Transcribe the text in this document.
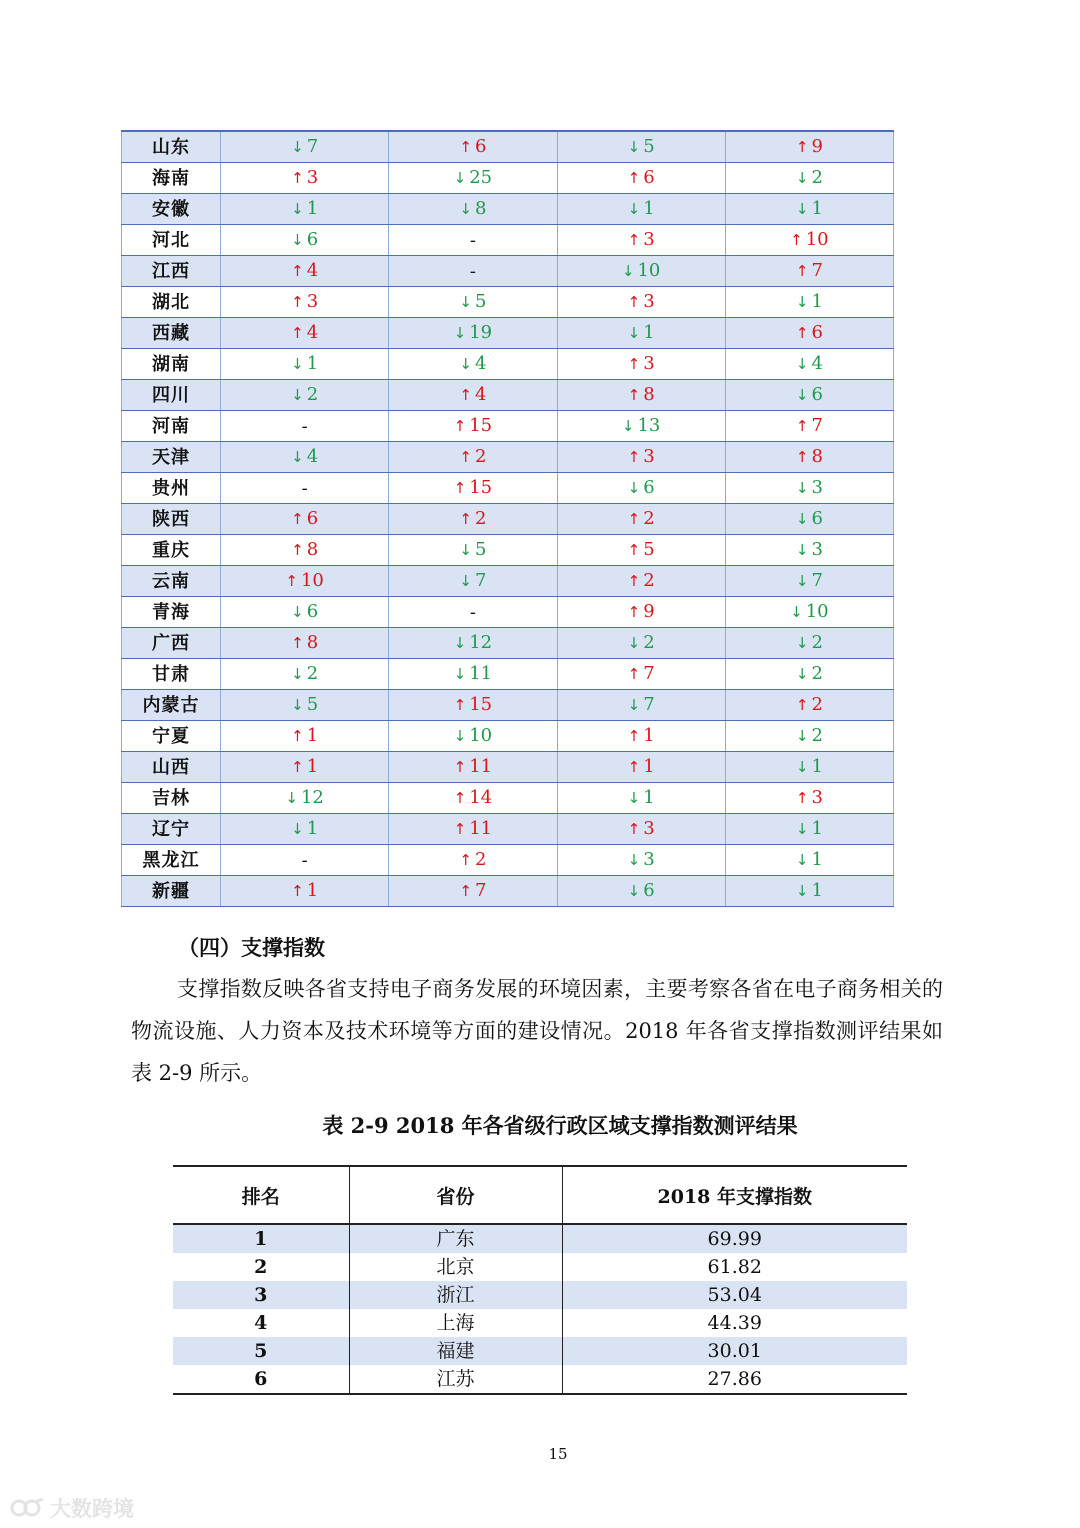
山东	↓ 7	↑ 6	↓ 5	↑ 9
海南	↑ 3	↓ 25	↑ 6	↓ 2
安徽	↓ 1	↓ 8	↓ 1	↓ 1
河北	↓ 6	-	↑ 3	↑ 10
江西	↑ 4	-	↓ 10	↑ 7
湖北	↑ 3	↓ 5	↑ 3	↓ 1
西藏	↑ 4	↓ 19	↓ 1	↑ 6
湖南	↓ 1	↓ 4	↑ 3	↓ 4
四川	↓ 2	↑ 4	↑ 8	↓ 6
河南	-	↑ 15	↓ 13	↑ 7
天津	↓ 4	↑ 2	↑ 3	↑ 8
贵州	-	↑ 15	↓ 6	↓ 3
陕西	↑ 6	↑ 2	↑ 2	↓ 6
重庆	↑ 8	↓ 5	↑ 5	↓ 3
云南	↑ 10	↓ 7	↑ 2	↓ 7
青海	↓ 6	-	↑ 9	↓ 10
广西	↑ 8	↓ 12	↓ 2	↓ 2
甘肃	↓ 2	↓ 11	↑ 7	↓ 2
内蒙古	↓ 5	↑ 15	↓ 7	↑ 2
宁夏	↑ 1	↓ 10	↑ 1	↓ 2
山西	↑ 1	↑ 11	↑ 1	↓ 1
吉林	↓ 12	↑ 14	↓ 1	↑ 3
辽宁	↓ 1	↑ 11	↑ 3	↓ 1
黑龙江	-	↑ 2	↓ 3	↓ 1
新疆	↑ 1	↑ 7	↓ 6	↓ 1
（四）支撑指数

支撑指数反映各省支持电子商务发展的环境因素，主要考察各省在电子商务相关的物流设施、人力资本及技术环境等方面的建设情况。2018 年各省支撑指数测评结果如表 2-9 所示。

表 2-9 2018 年各省级行政区域支撑指数测评结果

排名	省份	2018 年支撑指数
1	广东	69.99
2	北京	61.82
3	浙江	53.04
4	上海	44.39
5	福建	30.01
6	江苏	27.86

15

大数跨境
